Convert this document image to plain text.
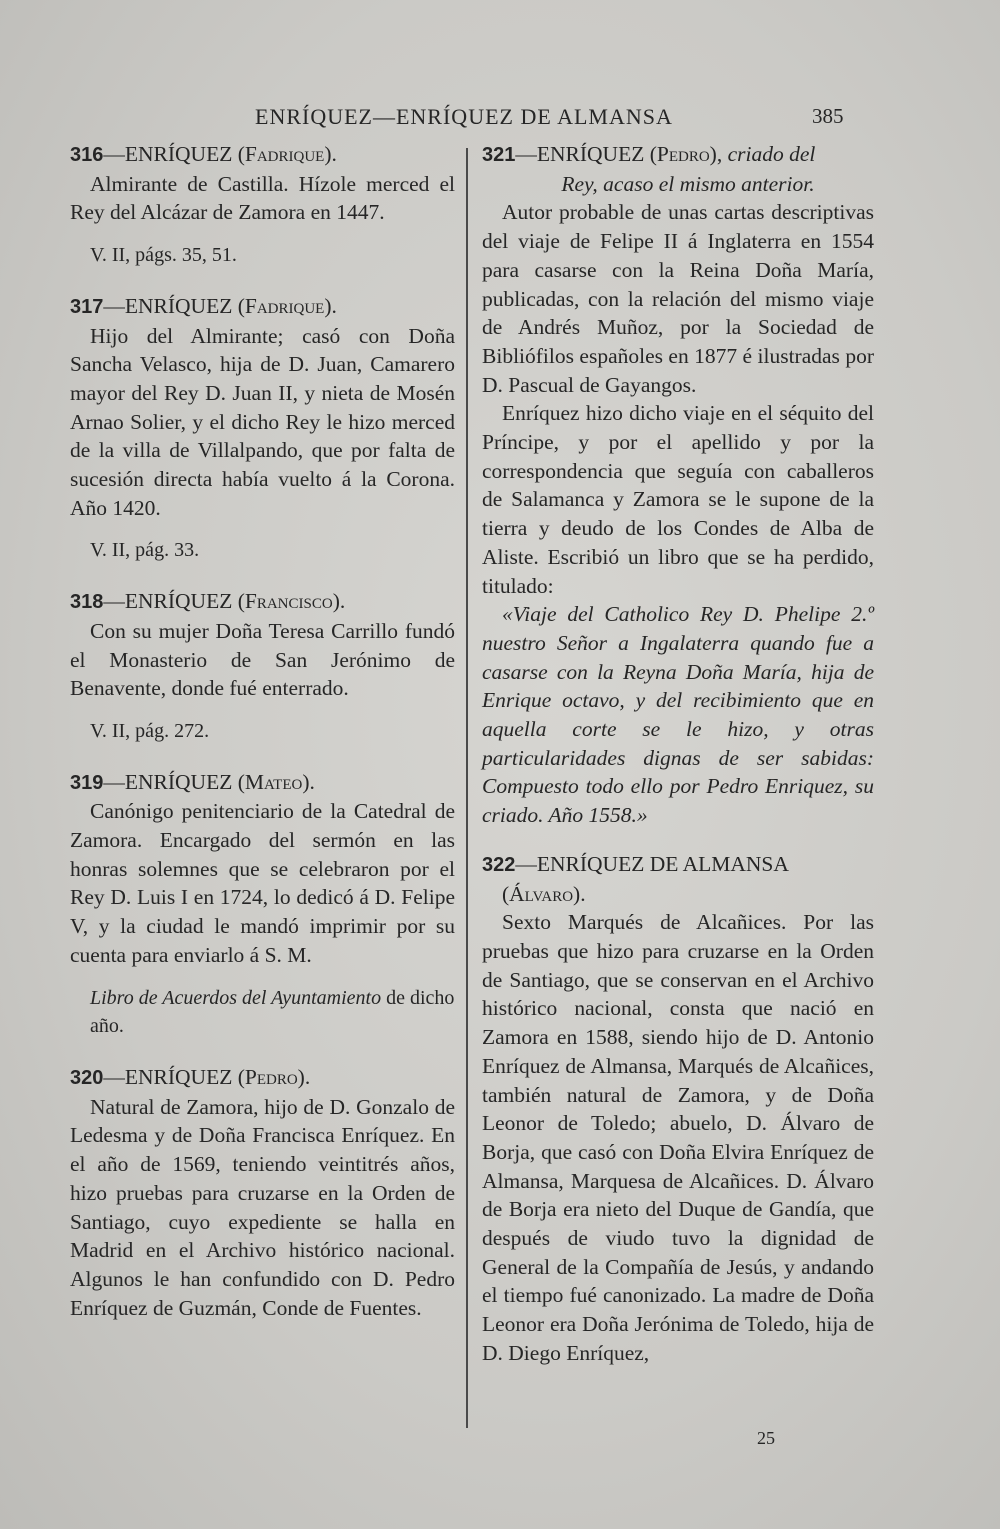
ENRÍQUEZ—ENRÍQUEZ DE ALMANSA	385

316—ENRÍQUEZ (Fadrique).

Almirante de Castilla. Hízole merced el Rey del Alcázar de Zamora en 1447.

V. II, págs. 35, 51.

317—ENRÍQUEZ (Fadrique).

Hijo del Almirante; casó con Doña Sancha Velasco, hija de D. Juan, Camarero mayor del Rey D. Juan II, y nieta de Mosén Arnao Solier, y el dicho Rey le hizo merced de la villa de Villalpando, que por falta de sucesión directa había vuelto á la Corona. Año 1420.

V. II, pág. 33.

318—ENRÍQUEZ (Francisco).

Con su mujer Doña Teresa Carrillo fundó el Monasterio de San Jerónimo de Benavente, donde fué enterrado.

V. II, pág. 272.

319—ENRÍQUEZ (Mateo).

Canónigo penitenciario de la Catedral de Zamora. Encargado del sermón en las honras solemnes que se celebraron por el Rey D. Luis I en 1724, lo dedicó á D. Felipe V, y la ciudad le mandó imprimir por su cuenta para enviarlo á S. M.

Libro de Acuerdos del Ayuntamiento de dicho año.

320—ENRÍQUEZ (Pedro).

Natural de Zamora, hijo de D. Gonzalo de Ledesma y de Doña Francisca Enríquez. En el año de 1569, teniendo veintitrés años, hizo pruebas para cruzarse en la Orden de Santiago, cuyo expediente se halla en Madrid en el Archivo histórico nacional. Algunos le han confundido con D. Pedro Enríquez de Guzmán, Conde de Fuentes.

321—ENRÍQUEZ (Pedro), criado del

Rey, acaso el mismo anterior.

Autor probable de unas cartas descriptivas del viaje de Felipe II á Inglaterra en 1554 para casarse con la Reina Doña María, publicadas, con la relación del mismo viaje de Andrés Muñoz, por la Sociedad de Bibliófilos españoles en 1877 é ilustradas por D. Pascual de Gayangos.

Enríquez hizo dicho viaje en el séquito del Príncipe, y por el apellido y por la correspondencia que seguía con caballeros de Salamanca y Zamora se le supone de la tierra y deudo de los Condes de Alba de Aliste. Escribió un libro que se ha perdido, titulado:

«Viaje del Catholico Rey D. Phelipe 2.º nuestro Señor a Ingalaterra quando fue a casarse con la Reyna Doña María, hija de Enrique octavo, y del recibimiento que en aquella corte se le hizo, y otras particularidades dignas de ser sabidas: Compuesto todo ello por Pedro Enriquez, su criado. Año 1558.»

322—ENRÍQUEZ DE ALMANSA

(Álvaro).

Sexto Marqués de Alcañices. Por las pruebas que hizo para cruzarse en la Orden de Santiago, que se conservan en el Archivo histórico nacional, consta que nació en Zamora en 1588, siendo hijo de D. Antonio Enríquez de Almansa, Marqués de Alcañices, también natural de Zamora, y de Doña Leonor de Toledo; abuelo, D. Álvaro de Borja, que casó con Doña Elvira Enríquez de Almansa, Marquesa de Alcañices. D. Álvaro de Borja era nieto del Duque de Gandía, que después de viudo tuvo la dignidad de General de la Compañía de Jesús, y andando el tiempo fué canonizado. La madre de Doña Leonor era Doña Jerónima de Toledo, hija de D. Diego Enríquez,

25
